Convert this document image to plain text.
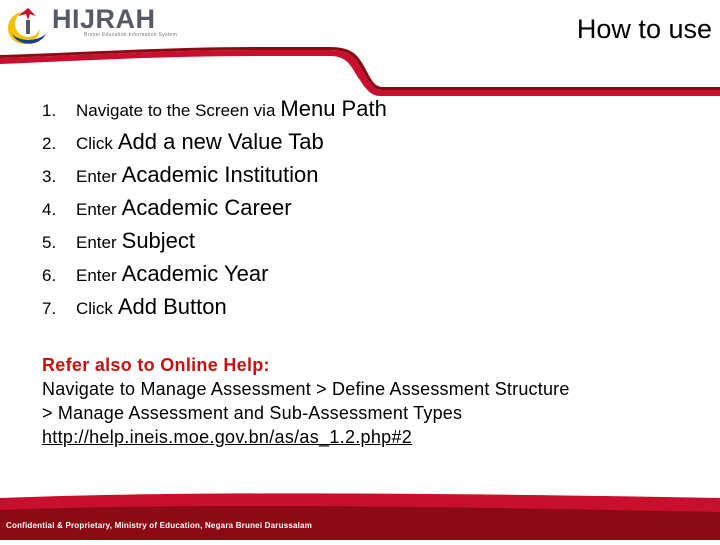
HIJRAH
Brunei Education Information System	How to use
1.	Navigate to the Screen via Menu Path
2.	Click Add a new Value Tab
3.	Enter Academic Institution
4.	Enter Academic Career
5.	Enter Subject
6.	Enter Academic Year
7.	Click Add Button
Refer also to Online Help:
Navigate to Manage Assessment > Define Assessment Structure
> Manage Assessment and Sub-Assessment Types
http://help.ineis.moe.gov.bn/as/as_1.2.php#2
Confidential & Proprietary, Ministry of Education, Negara Brunei Darussalam
